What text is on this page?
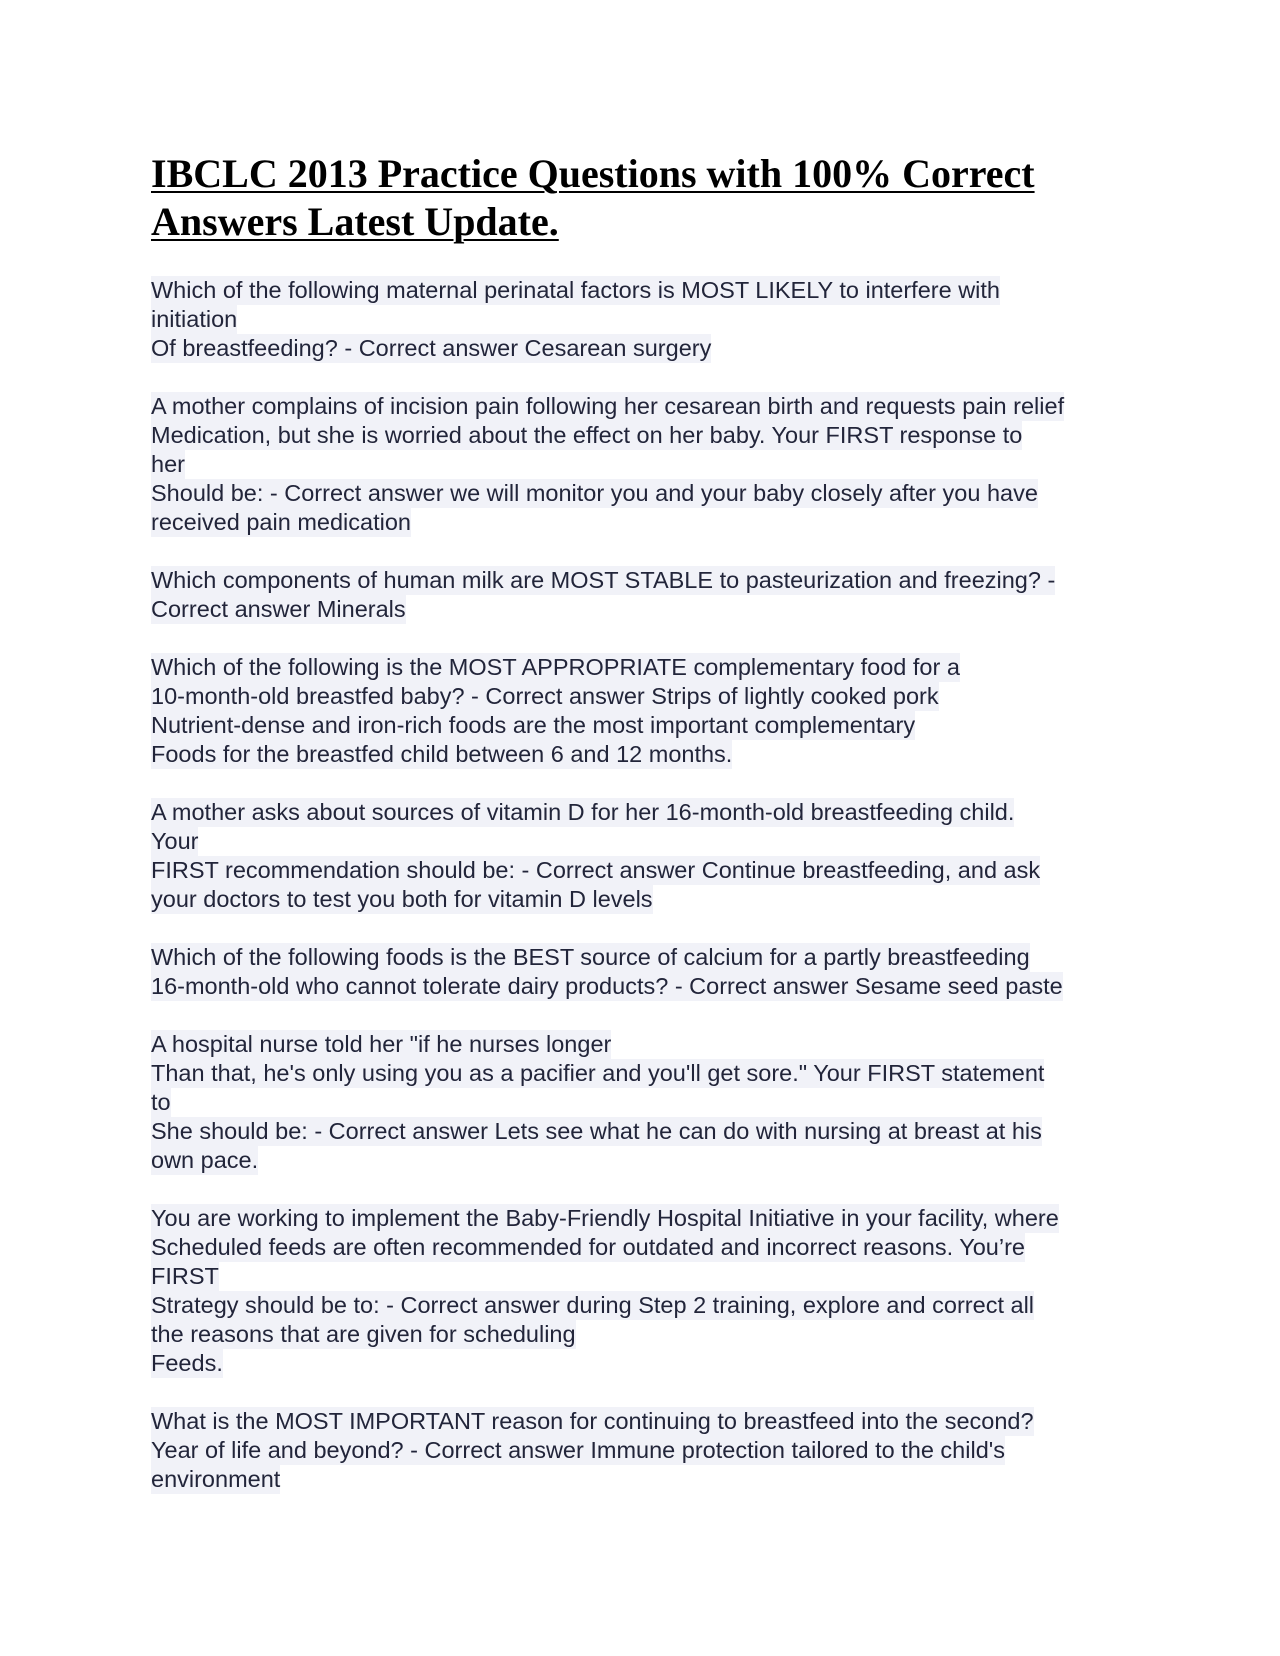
IBCLC 2013 Practice Questions with 100% Correct
Answers Latest Update.
Which of the following maternal perinatal factors is MOST LIKELY to interfere with
initiation
Of breastfeeding? - Correct answer Cesarean surgery
A mother complains of incision pain following her cesarean birth and requests pain relief
Medication, but she is worried about the effect on her baby. Your FIRST response to
her
Should be: - Correct answer we will monitor you and your baby closely after you have
received pain medication
Which components of human milk are MOST STABLE to pasteurization and freezing? -
Correct answer Minerals
Which of the following is the MOST APPROPRIATE complementary food for a
10-month-old breastfed baby? - Correct answer Strips of lightly cooked pork
Nutrient-dense and iron-rich foods are the most important complementary
Foods for the breastfed child between 6 and 12 months.
A mother asks about sources of vitamin D for her 16-month-old breastfeeding child.
Your
FIRST recommendation should be: - Correct answer Continue breastfeeding, and ask
your doctors to test you both for vitamin D levels
Which of the following foods is the BEST source of calcium for a partly breastfeeding
16-month-old who cannot tolerate dairy products? - Correct answer Sesame seed paste
A hospital nurse told her "if he nurses longer
Than that, he's only using you as a pacifier and you'll get sore." Your FIRST statement
to
She should be: - Correct answer Lets see what he can do with nursing at breast at his
own pace.
You are working to implement the Baby-Friendly Hospital Initiative in your facility, where
Scheduled feeds are often recommended for outdated and incorrect reasons. You’re
FIRST
Strategy should be to: - Correct answer during Step 2 training, explore and correct all
the reasons that are given for scheduling
Feeds.
What is the MOST IMPORTANT reason for continuing to breastfeed into the second?
Year of life and beyond? - Correct answer Immune protection tailored to the child's
environment
